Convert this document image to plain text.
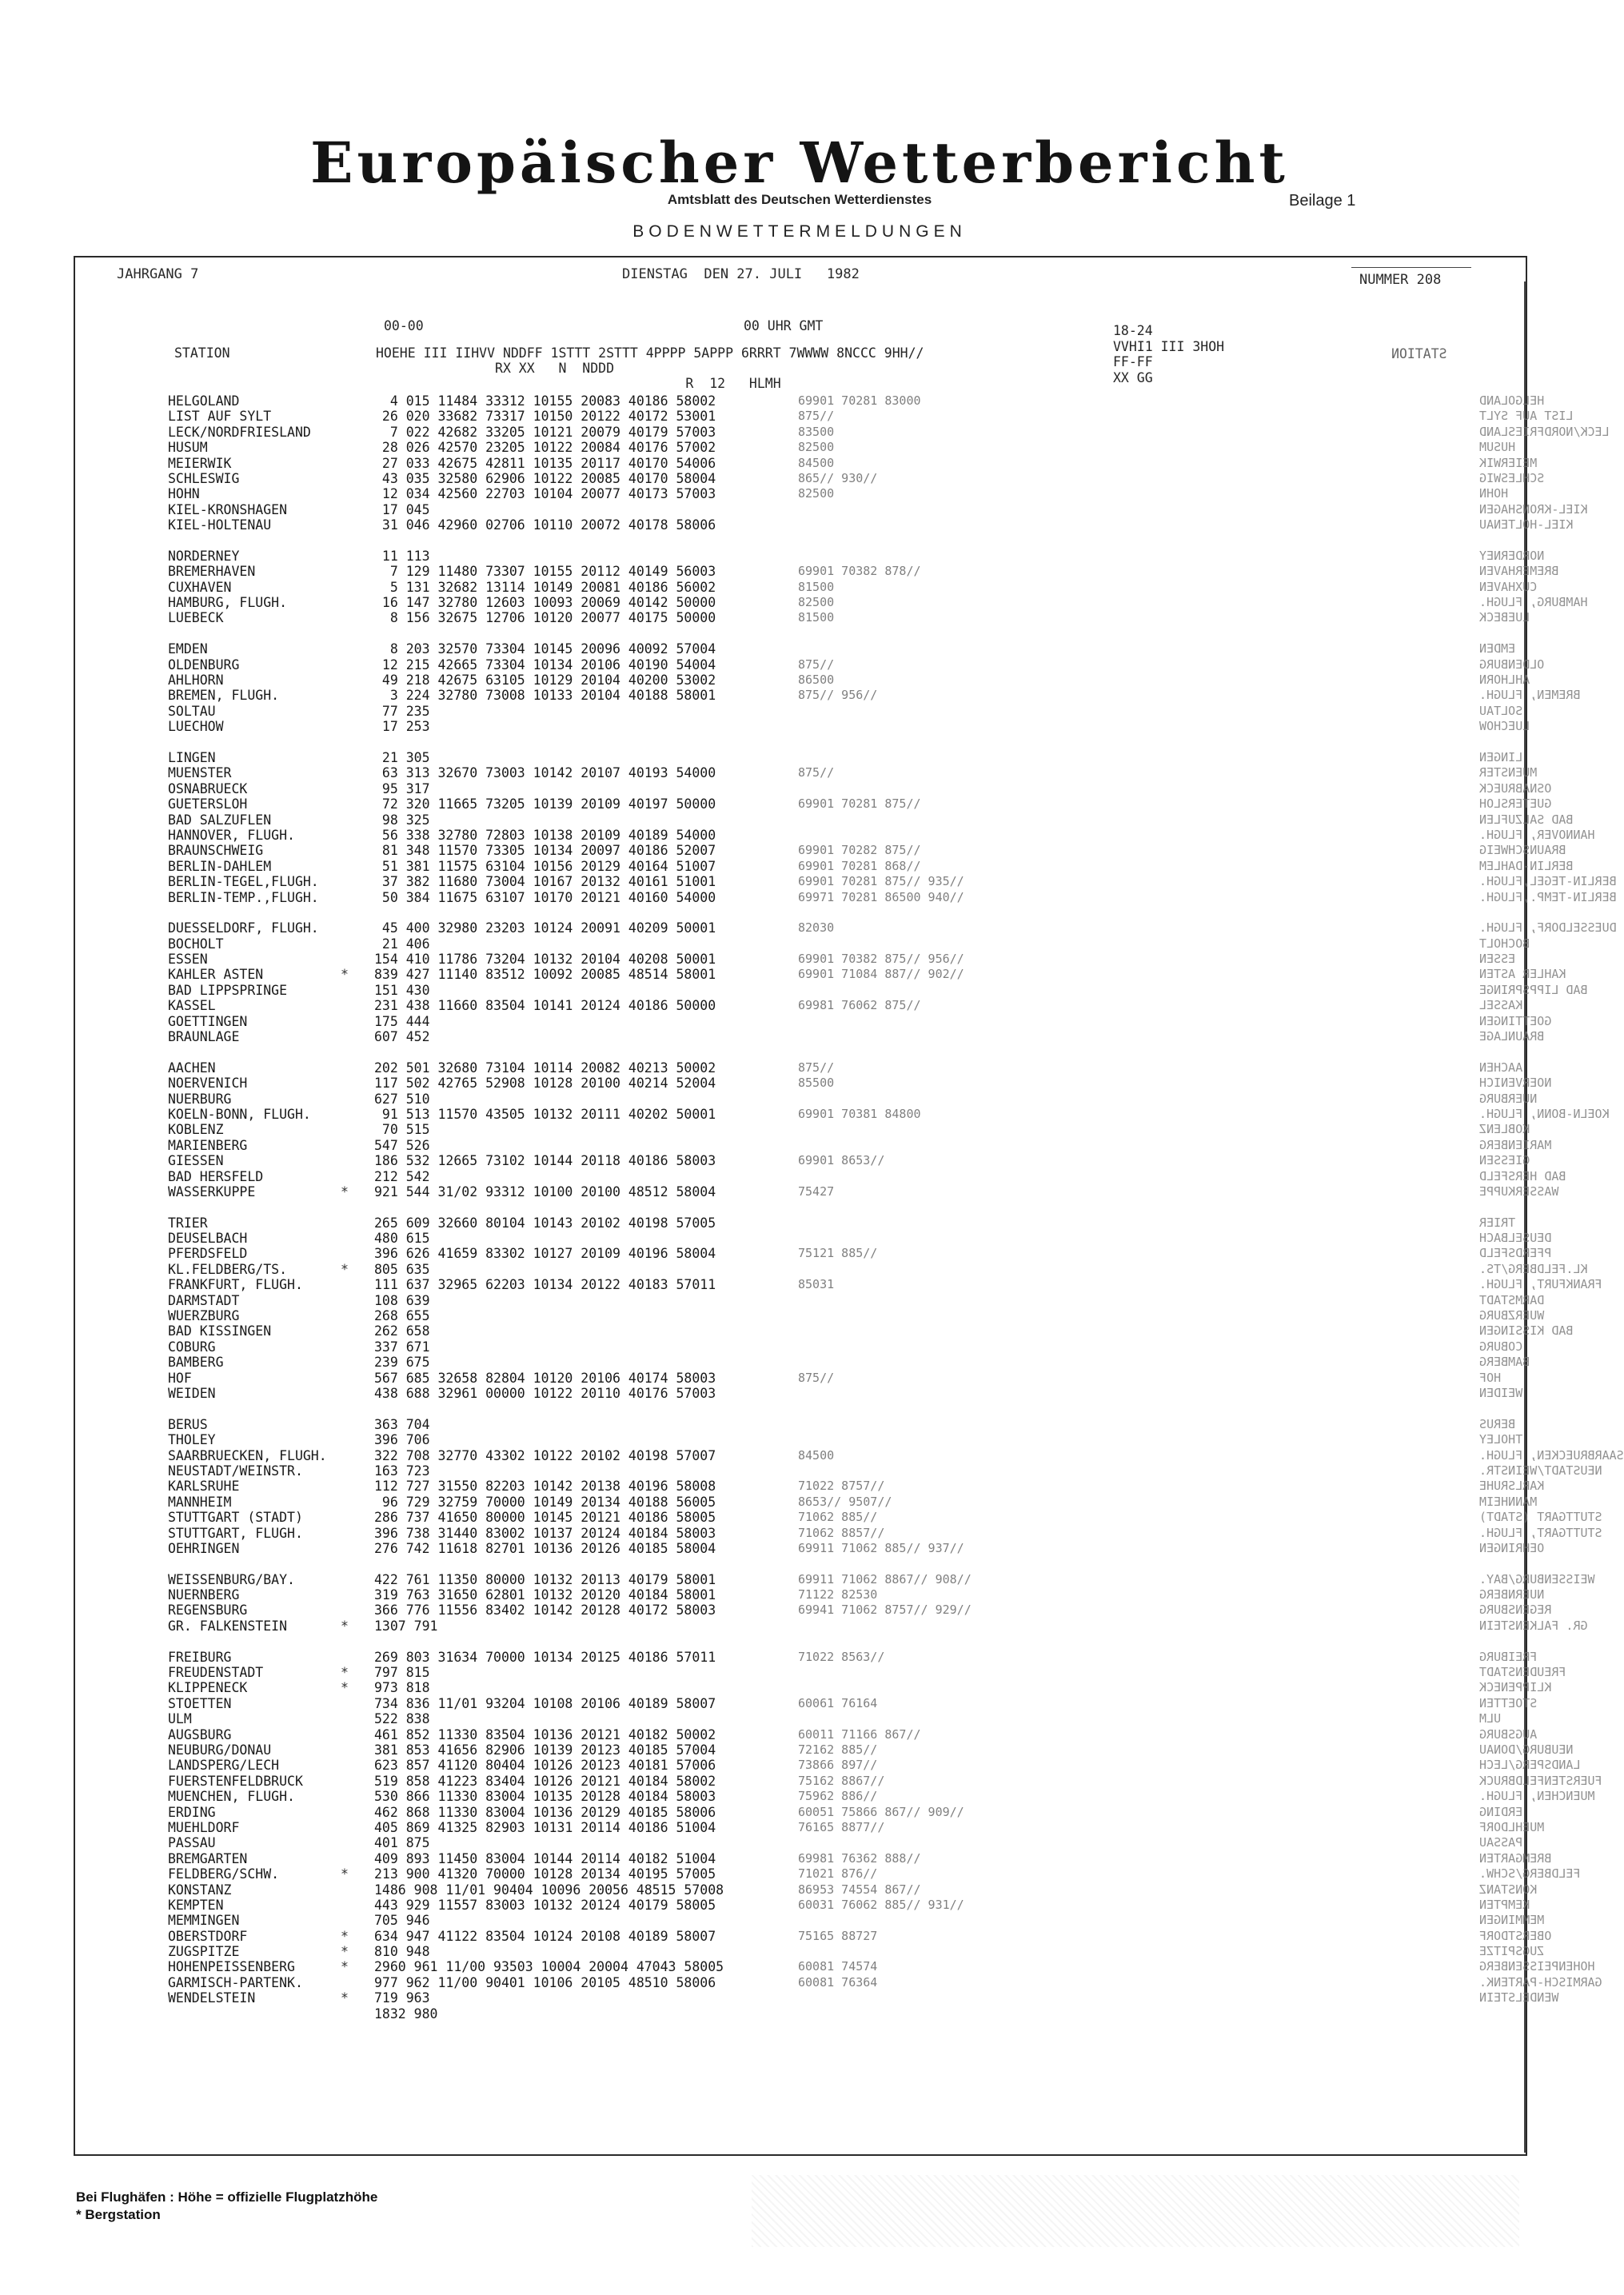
Europäischer Wetterbericht
Amtsblatt des Deutschen Wetterdienstes	Beilage 1
BODENWETTERMELDUNGEN
JAHRGANG 7	DIENSTAG  DEN 27. JULI   1982	NUMMER 208
00-00	00 UHR GMT	18-24
STATION	HOEHE III IIHVV NDDFF 1STTT 2STTT 4PPPP 5APPP 6RRRT 7WWWW 8NCCC 9HH//
RX XX   N  NDDD
R  12   HLMH
VVHI1 III 3HOH
FF-FF
XX GG
STATION
HELGOLAND	4 015 11484 33312 10155 20083 40186 58002	69901 70281 83000	HELGOLAND
LIST AUF SYLT	26 020 33682 73317 10150 20122 40172 53001	875//	LIST AUF SYLT
LECK/NORDFRIESLAND	7 022 42682 33205 10121 20079 40179 57003	83500	LECK/NORDFRIESLAND
HUSUM	28 026 42570 23205 10122 20084 40176 57002	82500	HUSUM
MEIERWIK	27 033 42675 42811 10135 20117 40170 54006	84500	MEIERWIK
SCHLESWIG	43 035 32580 62906 10122 20085 40170 58004	865// 930//	SCHLESWIG
HOHN	12 034 42560 22703 10104 20077 40173 57003	82500	HOHN
KIEL-KRONSHAGEN	17 045	KIEL-KRONSHAGEN
KIEL-HOLTENAU	31 046 42960 02706 10110 20072 40178 58006	KIEL-HOLTENAU
NORDERNEY	11 113	NORDERNEY
BREMERHAVEN	7 129 11480 73307 10155 20112 40149 56003	69901 70382 878//	BREMERHAVEN
CUXHAVEN	5 131 32682 13114 10149 20081 40186 56002	81500	CUXHAVEN
HAMBURG, FLUGH.	16 147 32780 12603 10093 20069 40142 50000	82500	HAMBURG, FLUGH.
LUEBECK	8 156 32675 12706 10120 20077 40175 50000	81500	LUEBECK
EMDEN	8 203 32570 73304 10145 20096 40092 57004	EMDEN
OLDENBURG	12 215 42665 73304 10134 20106 40190 54004	875//	OLDENBURG
AHLHORN	49 218 42675 63105 10129 20104 40200 53002	86500	AHLHORN
BREMEN, FLUGH.	3 224 32780 73008 10133 20104 40188 58001	875// 956//	BREMEN, FLUGH.
SOLTAU	77 235	SOLTAU
LUECHOW	17 253	LUECHOW
LINGEN	21 305	LINGEN
MUENSTER	63 313 32670 73003 10142 20107 40193 54000	875//	MUENSTER
OSNABRUECK	95 317	OSNABRUECK
GUETERSLOH	72 320 11665 73205 10139 20109 40197 50000	69901 70281 875//	GUETERSLOH
BAD SALZUFLEN	98 325	BAD SALZUFLEN
HANNOVER, FLUGH.	56 338 32780 72803 10138 20109 40189 54000	HANNOVER, FLUGH.
BRAUNSCHWEIG	81 348 11570 73305 10134 20097 40186 52007	69901 70282 875//	BRAUNSCHWEIG
BERLIN-DAHLEM	51 381 11575 63104 10156 20129 40164 51007	69901 70281 868//	BERLIN-DAHLEM
BERLIN-TEGEL,FLUGH.	37 382 11680 73004 10167 20132 40161 51001	69901 70281 875// 935//	BERLIN-TEGEL,FLUGH.
BERLIN-TEMP.,FLUGH.	50 384 11675 63107 10170 20121 40160 54000	69971 70281 86500 940//	BERLIN-TEMP.,FLUGH.
DUESSELDORF, FLUGH.	45 400 32980 23203 10124 20091 40209 50001	82030	DUESSELDORF, FLUGH.
BOCHOLT	21 406	BOCHOLT
ESSEN	154 410 11786 73204 10132 20104 40208 50001	69901 70382 875// 956//	ESSEN
KAHLER ASTEN	* 839 427 11140 83512 10092 20085 48514 58001	69901 71084 887// 902//	KAHLER ASTEN
BAD LIPPSPRINGE	151 430	BAD LIPPSPRINGE
KASSEL	231 438 11660 83504 10141 20124 40186 50000	69981 76062 875//	KASSEL
GOETTINGEN	175 444	GOETTINGEN
BRAUNLAGE	607 452	BRAUNLAGE
AACHEN	202 501 32680 73104 10114 20082 40213 50002	875//	AACHEN
NOERVENICH	117 502 42765 52908 10128 20100 40214 52004	85500	NOERVENICH
NUERBURG	627 510	NUERBURG
KOELN-BONN, FLUGH.	91 513 11570 43505 10132 20111 40202 50001	69901 70381 84800	KOELN-BONN, FLUGH.
KOBLENZ	70 515	KOBLENZ
MARIENBERG	547 526	MARIENBERG
GIESSEN	186 532 12665 73102 10144 20118 40186 58003	69901 8653//	GIESSEN
BAD HERSFELD	212 542	BAD HERSFELD
WASSERKUPPE	* 921 544 31/02 93312 10100 20100 48512 58004	75427	WASSERKUPPE
TRIER	265 609 32660 80104 10143 20102 40198 57005	TRIER
DEUSELBACH	480 615	DEUSELBACH
PFERDSFELD	396 626 41659 83302 10127 20109 40196 58004	75121 885//	PFERDSFELD
KL.FELDBERG/TS.	* 805 635	KL.FELDBERG/TS.
FRANKFURT, FLUGH.	111 637 32965 62203 10134 20122 40183 57011	85031	FRANKFURT, FLUGH.
DARMSTADT	108 639	DARMSTADT
WUERZBURG	268 655	WUERZBURG
BAD KISSINGEN	262 658	BAD KISSINGEN
COBURG	337 671	COBURG
BAMBERG	239 675	BAMBERG
HOF	567 685 32658 82804 10120 20106 40174 58003	875//	HOF
WEIDEN	438 688 32961 00000 10122 20110 40176 57003	WEIDEN
BERUS	363 704	BERUS
THOLEY	396 706	THOLEY
SAARBRUECKEN, FLUGH.	322 708 32770 43302 10122 20102 40198 57007	84500	SAARBRUECKEN, FLUGH.
NEUSTADT/WEINSTR.	163 723	NEUSTADT/WEINSTR.
KARLSRUHE	112 727 31550 82203 10142 20138 40196 58008	71022 8757//	KARLSRUHE
MANNHEIM	96 729 32759 70000 10149 20134 40188 56005	8653// 9507//	MANNHEIM
STUTTGART (STADT)	286 737 41650 80000 10145 20121 40186 58005	71062 885//	STUTTGART (STADT)
STUTTGART, FLUGH.	396 738 31440 83002 10137 20124 40184 58003	71062 8857//	STUTTGART, FLUGH.
OEHRINGEN	276 742 11618 82701 10136 20126 40185 58004	69911 71062 885// 937//	OEHRINGEN
WEISSENBURG/BAY.	422 761 11350 80000 10132 20113 40179 58001	69911 71062 8867// 908//	WEISSENBURG/BAY.
NUERNBERG	319 763 31650 62801 10132 20120 40184 58001	71122 82530	NUERNBERG
REGENSBURG	366 776 11556 83402 10142 20128 40172 58003	69941 71062 8757// 929//	REGENSBURG
GR. FALKENSTEIN	* 1307 791	GR. FALKENSTEIN
FREIBURG	269 803 31634 70000 10134 20125 40186 57011	71022 8563//	FREIBURG
FREUDENSTADT	* 797 815	FREUDENSTADT
KLIPPENECK	* 973 818	KLIPPENECK
STOETTEN	734 836 11/01 93204 10108 20106 40189 58007	60061 76164	STOETTEN
ULM	522 838	ULM
AUGSBURG	461 852 11330 83504 10136 20121 40182 50002	60011 71166 867//	AUGSBURG
NEUBURG/DONAU	381 853 41656 82906 10139 20123 40185 57004	72162 885//	NEUBURG/DONAU
LANDSPERG/LECH	623 857 41120 80404 10126 20123 40181 57006	73866 897//	LANDSPERG/LECH
FUERSTENFELDBRUCK	519 858 41223 83404 10126 20121 40184 58002	75162 8867//	FUERSTENFELDBRUCK
MUENCHEN, FLUGH.	530 866 11330 83004 10135 20128 40184 58003	75962 886//	MUENCHEN, FLUGH.
ERDING	462 868 11330 83004 10136 20129 40185 58006	60051 75866 867// 909//	ERDING
MUEHLDORF	405 869 41325 82903 10131 20114 40186 51004	76165 8877//	MUEHLDORF
PASSAU	401 875	PASSAU
BREMGARTEN	409 893 11450 83004 10144 20114 40182 51004	69981 76362 888//	BREMGARTEN
FELDBERG/SCHW.	* 213 900 41320 70000 10128 20134 40195 57005	71021 876//	FELDBERG/SCHW.
KONSTANZ	1486 908 11/01 90404 10096 20056 48515 57008	86953 74554 867//	KONSTANZ
KEMPTEN	443 929 11557 83003 10132 20124 40179 58005	60031 76062 885// 931//	KEMPTEN
MEMMINGEN	705 946	MEMMINGEN
OBERSTDORF	* 634 947 41122 83504 10124 20108 40189 58007	75165 88727	OBERSTDORF
ZUGSPITZE	* 810 948	ZUGSPITZE
HOHENPEISSENBERG	* 2960 961 11/00 93503 10004 20004 47043 58005	60081 74574	HOHENPEISSENBERG
GARMISCH-PARTENK.	977 962 11/00 90401 10106 20105 48510 58006	60081 76364	GARMISCH-PARTENK.
WENDELSTEIN	* 719 963	WENDELSTEIN
1832 980
Bei Flughäfen : Höhe = offizielle Flugplatzhöhe
* Bergstation
